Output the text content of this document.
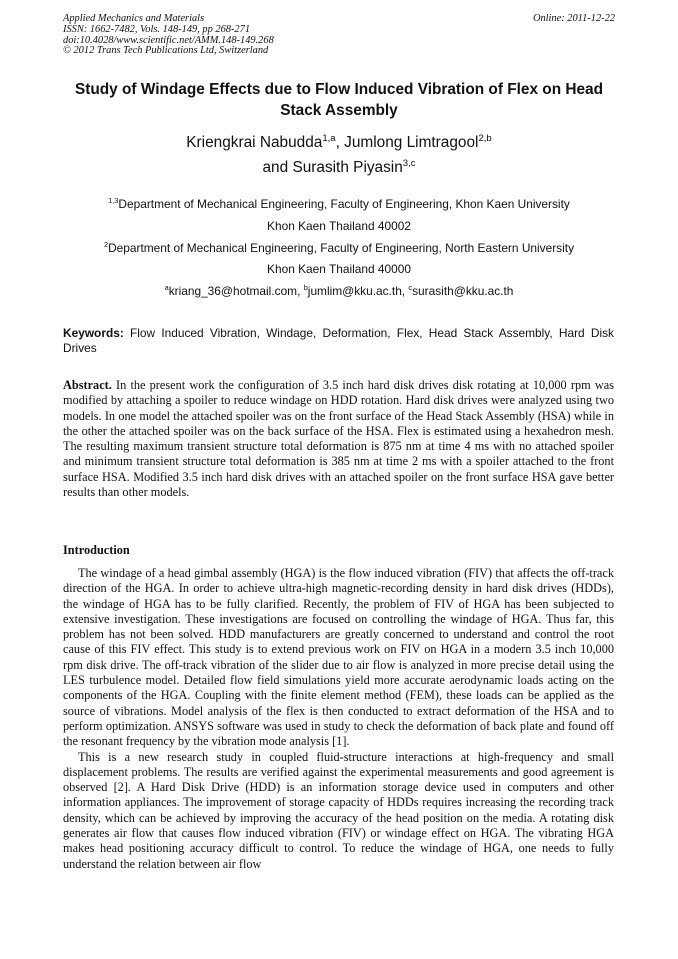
Applied Mechanics and Materials
ISSN: 1662-7482, Vols. 148-149, pp 268-271
doi:10.4028/www.scientific.net/AMM.148-149.268
© 2012 Trans Tech Publications Ltd, Switzerland
Online: 2011-12-22
Study of Windage Effects due to Flow Induced Vibration of Flex on Head
Stack Assembly
Kriengkrai Nabudda$^{1,a}$, Jumlong Limtragool$^{2,b}$
and Surasith Piyasin$^{3,c}$
$^{1,3}$Department of Mechanical Engineering, Faculty of Engineering, Khon Kaen University
Khon Kaen Thailand 40002
$^2$Department of Mechanical Engineering, Faculty of Engineering, North Eastern University
Khon Kaen Thailand 40000
$^a$kriang_36@hotmail.com, $^b$jumlim@kku.ac.th, $^c$surasith@kku.ac.th
Keywords: Flow Induced Vibration, Windage, Deformation, Flex, Head Stack Assembly, Hard Disk Drives
Abstract. In the present work the configuration of 3.5 inch hard disk drives disk rotating at 10,000 rpm was modified by attaching a spoiler to reduce windage on HDD rotation. Hard disk drives were analyzed using two models. In one model the attached spoiler was on the front surface of the Head Stack Assembly (HSA) while in the other the attached spoiler was on the back surface of the HSA. Flex is estimated using a hexahedron mesh. The resulting maximum transient structure total deformation is 875 nm at time 4 ms with no attached spoiler and minimum transient structure total deformation is 385 nm at time 2 ms with a spoiler attached to the front surface HSA. Modified 3.5 inch hard disk drives with an attached spoiler on the front surface HSA gave better results than other models.
Introduction

The windage of a head gimbal assembly (HGA) is the flow induced vibration (FIV) that affects the off-track direction of the HGA. In order to achieve ultra-high magnetic-recording density in hard disk drives (HDDs), the windage of HGA has to be fully clarified. Recently, the problem of FIV of HGA has been subjected to extensive investigation. These investigations are focused on controlling the windage of HGA. Thus far, this problem has not been solved. HDD manufacturers are greatly concerned to understand and control the root cause of this FIV effect. This study is to extend previous work on FIV on HGA in a modern 3.5 inch 10,000 rpm disk drive. The off-track vibration of the slider due to air flow is analyzed in more precise detail using the LES turbulence model. Detailed flow field simulations yield more accurate aerodynamic loads acting on the components of the HGA. Coupling with the finite element method (FEM), these loads can be applied as the source of vibrations. Model analysis of the flex is then conducted to extract deformation of the HSA and to perform optimization. ANSYS software was used in study to check the deformation of back plate and found off the resonant frequency by the vibration mode analysis [1].

This is a new research study in coupled fluid-structure interactions at high-frequency and small displacement problems. The results are verified against the experimental measurements and good agreement is observed [2]. A Hard Disk Drive (HDD) is an information storage device used in computers and other information appliances. The improvement of storage capacity of HDDs requires increasing the recording track density, which can be achieved by improving the accuracy of the head position on the media. A rotating disk generates air flow that causes flow induced vibration (FIV) or windage effect on HGA. The vibrating HGA makes head positioning accuracy difficult to control. To reduce the windage of HGA, one needs to fully understand the relation between air flow
